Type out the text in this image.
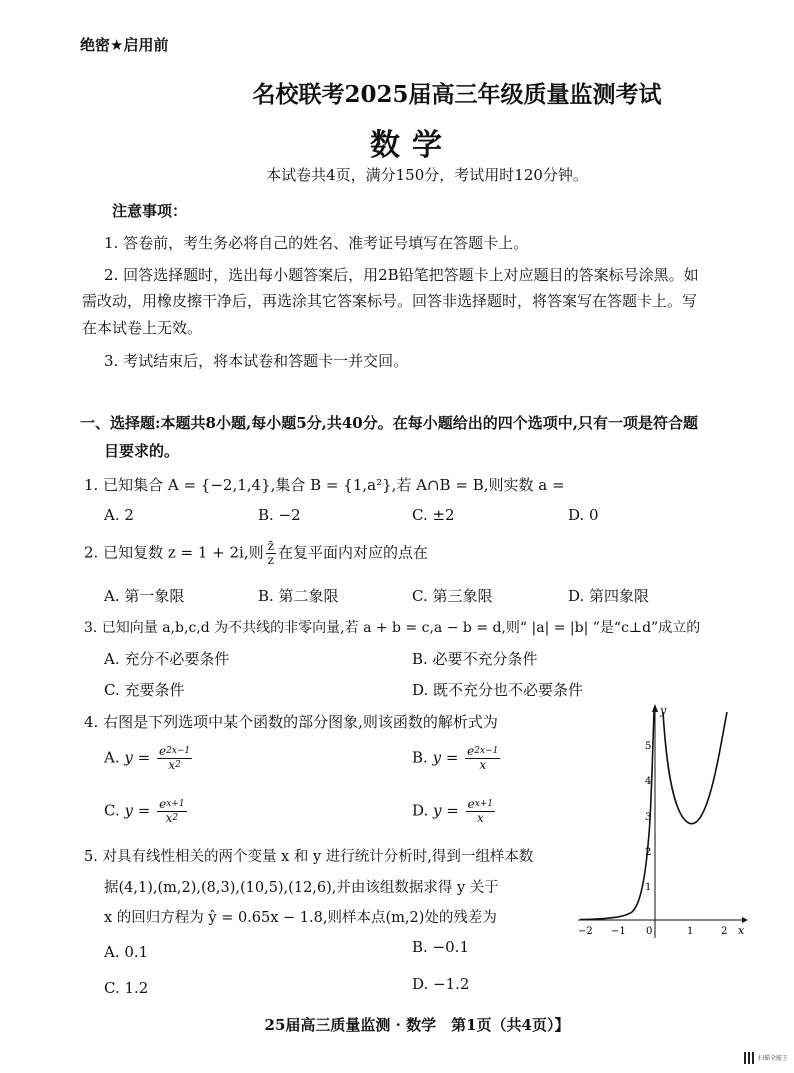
绝密★启用前
名校联考2025届高三年级质量监测考试
数学
本试卷共4页，满分150分，考试用时120分钟。
注意事项：
1. 答卷前，考生务必将自己的姓名、准考证号填写在答题卡上。
2. 回答选择题时，选出每小题答案后，用2B铅笔把答题卡上对应题目的答案标号涂黑。如
需改动，用橡皮擦干净后，再选涂其它答案标号。回答非选择题时，将答案写在答题卡上。写
在本试卷上无效。
3. 考试结束后，将本试卷和答题卡一并交回。
一、选择题:本题共8小题,每小题5分,共40分。在每小题给出的四个选项中,只有一项是符合题
目要求的。
1. 已知集合 A = {−2,1,4},集合 B = {1,a²},若 A∩B = B,则实数 a =
A. 2	B. −2	C. ±2	D. 0
2. 已知复数 z = 1 + 2i,则 $\frac{z̄}{z}$ 在复平面内对应的点在
A. 第一象限	B. 第二象限	C. 第三象限	D. 第四象限
3. 已知向量 a,b,c,d 为不共线的非零向量,若 a + b = c,a − b = d,则“ |a| = |b| ”是“c⊥d”成立的
A. 充分不必要条件	B. 必要不充分条件
C. 充要条件	D. 既不充分也不必要条件
4. 右图是下列选项中某个函数的部分图象,则该函数的解析式为
A. $y = \frac{e^{2x-1}}{x^2}$	B. $y = \frac{e^{2x-1}}{x}$
C. $y = \frac{e^{x+1}}{x^2}$	D. $y = \frac{e^{x+1}}{x}$
5. 对具有线性相关的两个变量 x 和 y 进行统计分析时,得到一组样本数
据(4,1),(m,2),(8,3),(10,5),(12,6),并由该组数据求得 y 关于
x 的回归方程为 ŷ = 0.65x − 1.8,则样本点(m,2)处的残差为
A. 0.1	B. −0.1
C. 1.2	D. −1.2
x
y
−2 −1 0	1	2
1
2
3
4
5
25届高三质量监测 · 数学　第1页（共4页）】
扫描全能王
